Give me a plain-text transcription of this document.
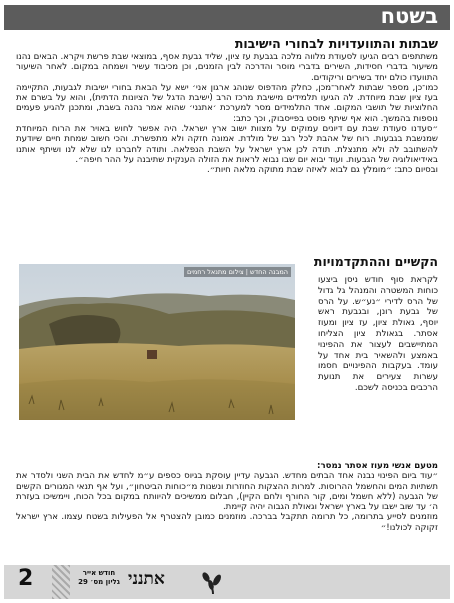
בשטח
שבתות והתוועדויות לבחורי הישיבות

משתתפים רבים הגיעו לסעודת מלווה מלכה בגבעת עז ציון, שליד גבעת אסף, במוצאי שבת פרשת ויקרא. הבאים נהנו משיעור בדברי חסידות, השירים בדברי מוסר והדרכה לבין הזמנים, וכן מכיבוד עשיר ושמחה במקום. לאחר השיעור התוועדו כולם יחד בשירים וריקודים.

כמו־כן, מספר שבתות לאחר־מכן, כחלק מהדפוס שנוהג ארגון אני׳ ישא על הבאת בחורי ישיבות לגבעות, התקיימה בעז ציון שבת מיוחדת. לה הגיעו תלמידים מישיבת מרכז הרב (ישיבת הדגל של הציונות הדתית), והוא על בשרם את החלוציות של תושבי המקום. אחד התלמידים מסר למערכת ׳אתנני׳ שהוא אמר נהנה בשבת, ומתכנן להגיע פעמים נוספות בהמשך. הוא אף שיתף פוסט בפייסבוק, וכך כתב:

״סעדנו סעודת שבת עם דיונים עמוקים על מצוות ישוב ארץ ישראל. היה אפשר לחוש באויר את הרוח המיוחדת שמנשבת בגבעות. רוח של אהבת לכל רגב של מולדת. אמונה חזקה ולא מתפשרת. והכי חשוב שמחת חיים שיודעת להשתובב לה ולא מתנצלת. תודה לכן ארץ ישראל על השבת הנפלאה. ותודה לחברנו לגו שלא לנו ושיתף אותנו באידיאולוגיה של הגבעות. ועוד יבוא יום שבו נבוא לראות את הזולה הענקית שתיבנה על ההר חיפה״.

ובסיום כתב: ״מומלץ גם לבוא לאיזה שבת מתוקה מלאה חיות״.

הקשיים וההתקדמויות
לקראת סוף חודש ניסן ביצעו כוחות המשטרה והמנהל גל גדול של הרס לדירי ״נע״ש. על הרס של גבעת רונן, ובגבעת ראש יוסף, גאולת ציון, עז ציון ומעוז אסתר. בגאולת ציון הצליחו המתיישבים לעצור את ההפינוי באמצע ולהשאיר בית אחד על עומד. בעקבות ההפינויים חסמו עשרות צעירים את תנועת הרכבים בכניסה לשכם.
המבנה החדש | צילום מתנאל רחמים

מטעם אנשי מעוז אסתר נמסר:

״עוד ביום הפינוי נבנה אחד הבתים מחדש. הגבעה עדיין עוסקת בגיוס כספים ע״מ לחדש את הבית השני ולסדר את תשתיות המים והחשמל ההרוסות. למרות ההצקות החוזרות ונשנות מ״כוחות הביטחון״, ועל אף תנאי המגורים הקשים של הגבעה (ללא חשמל ומים, קור החורף ולחם הקיין), חבלום ממשיכים להיוותח במקום בכל הכוח, ויימשיכו בעזרת ה׳ עד שוב ישבו על בארץ ישראל וגאולת הגבוה יהיה קיימת.

מוזמנים לסייע בתרומה, כל תרומה תתקבל בברכה. מוזמנים כמובן להצטרף אל הפעילות בשטח עצמו. ארץ ישראל זקוקה לכולנו!״

2	חודש אייר
גליון מס׳ 29 אתנני
